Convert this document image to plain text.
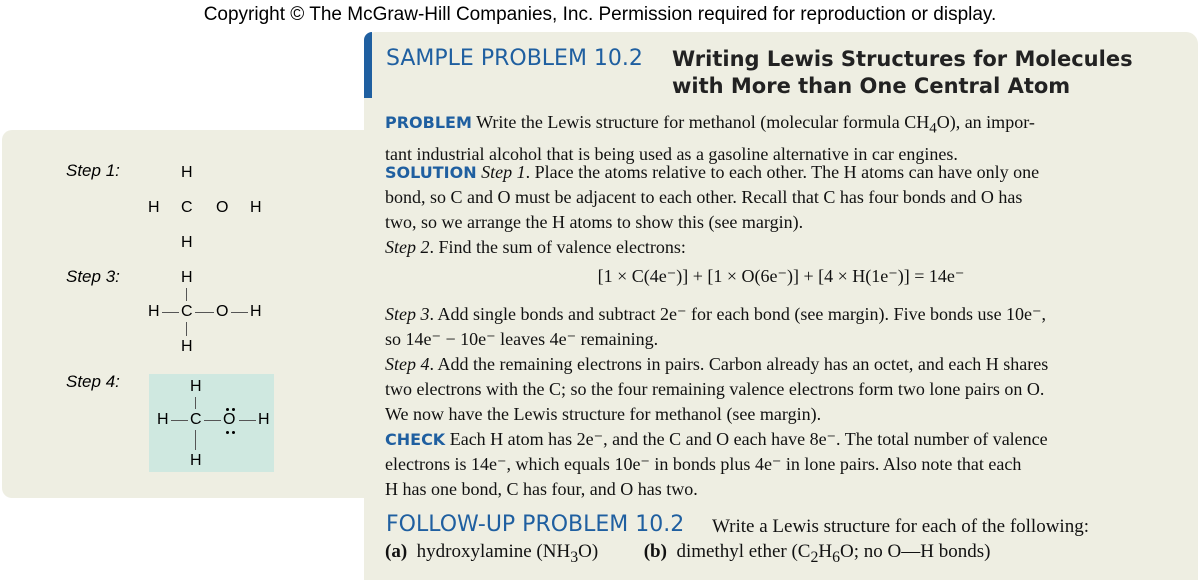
Copyright © The McGraw-Hill Companies, Inc. Permission required for reproduction or display.
Step 1:	H
H C O H
H
Step 3:	H
H C O H
H
Step 4:	H
H C O H
H
SAMPLE PROBLEM 10.2 Writing Lewis Structures for Molecules
with More than One Central Atom
PROBLEM Write the Lewis structure for methanol (molecular formula $CH_4O$), an impor-
tant industrial alcohol that is being used as a gasoline alternative in car engines.
SOLUTION Step 1. Place the atoms relative to each other. The H atoms can have only one
bond, so C and O must be adjacent to each other. Recall that C has four bonds and O has
two, so we arrange the H atoms to show this (see margin).
Step 2. Find the sum of valence electrons:
[1 × C(4e⁻)] + [1 × O(6e⁻)] + [4 × H(1e⁻)] = 14e⁻
Step 3. Add single bonds and subtract 2e⁻ for each bond (see margin). Five bonds use 10e⁻,
so 14e⁻ − 10e⁻ leaves 4e⁻ remaining.
Step 4. Add the remaining electrons in pairs. Carbon already has an octet, and each H shares
two electrons with the C; so the four remaining valence electrons form two lone pairs on O.
We now have the Lewis structure for methanol (see margin).
CHECK Each H atom has 2e⁻, and the C and O each have 8e⁻. The total number of valence
electrons is 14e⁻, which equals 10e⁻ in bonds plus 4e⁻ in lone pairs. Also note that each
H has one bond, C has four, and O has two.
FOLLOW-UP PROBLEM 10.2 Write a Lewis structure for each of the following:
(a) hydroxylamine $(NH_3O)$ (b) dimethyl ether ($C_2H_6O$; no O—H bonds)
